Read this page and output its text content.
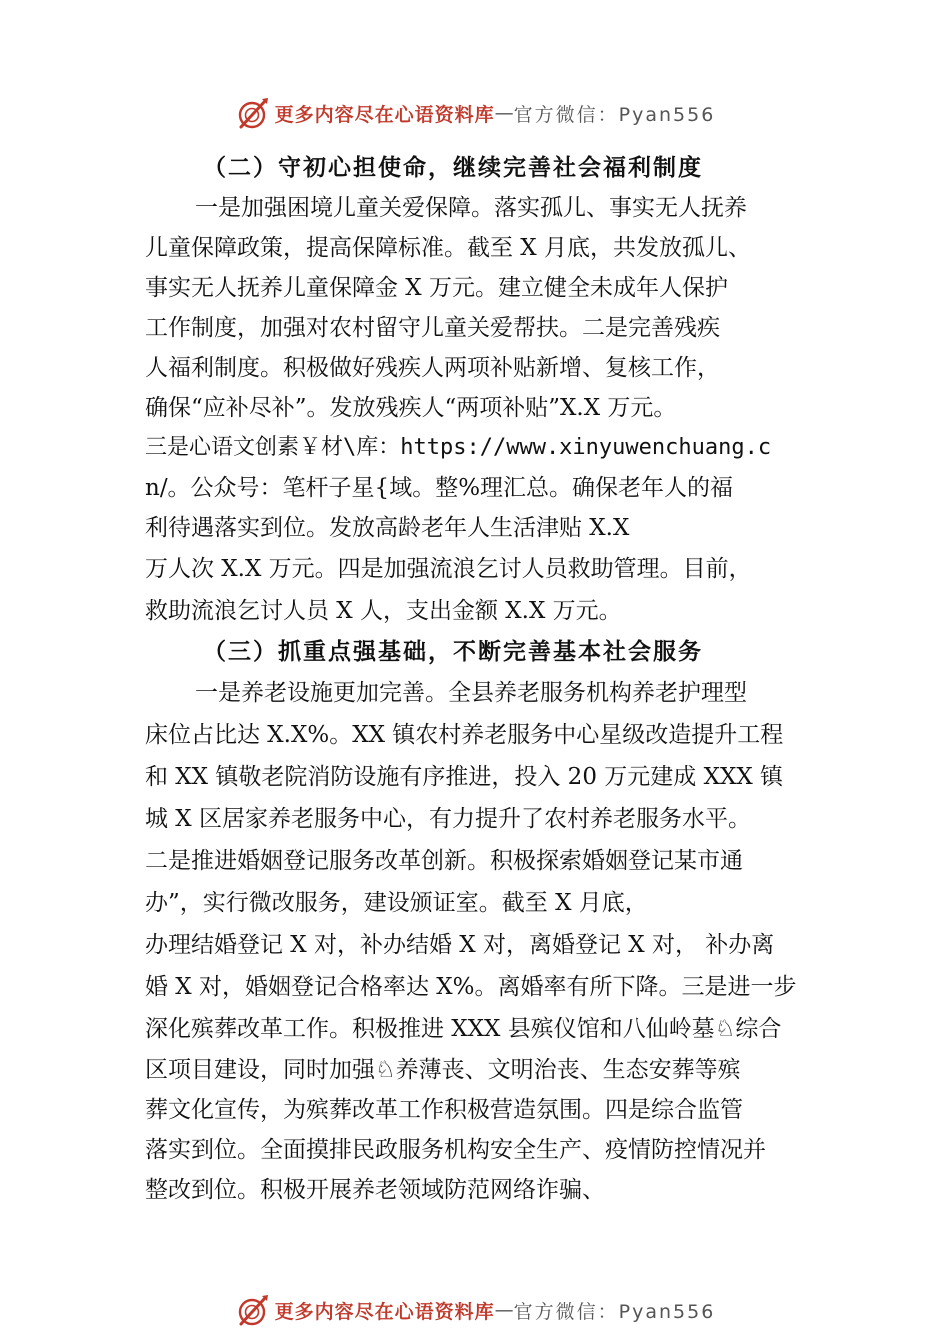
更多内容尽在心语资料库 — 官方微信：Pyan556
（二）守初心担使命，继续完善社会福利制度
一是加强困境儿童关爱保障。落实孤儿、事实无人抚养
儿童保障政策，提高保障标准。截至 X 月底，共发放孤儿、
事实无人抚养儿童保障金 X 万元。建立健全未成年人保护
工作制度，加强对农村留守儿童关爱帮扶。二是完善残疾
人福利制度。积极做好残疾人两项补贴新增、复核工作，
确保“应补尽补”。发放残疾人“两项补贴”X.X 万元。
三是心语文创素￥材\库：https://www.xinyuwenchuang.c
n/。公众号：笔杆子星{域。整%理汇总。确保老年人的福
利待遇落实到位。发放高龄老年人生活津贴 X.X
万人次 X.X 万元。四是加强流浪乞讨人员救助管理。目前，
救助流浪乞讨人员 X 人，支出金额 X.X 万元。
（三）抓重点强基础，不断完善基本社会服务
一是养老设施更加完善。全县养老服务机构养老护理型
床位占比达 X.X%。XX 镇农村养老服务中心星级改造提升工程
和 XX 镇敬老院消防设施有序推进，投入 20 万元建成 XXX 镇
城 X 区居家养老服务中心，有力提升了农村养老服务水平。
二是推进婚姻登记服务改革创新。积极探索婚姻登记某市通
办”，实行微改服务，建设颁证室。截至 X 月底，
办理结婚登记 X 对，补办结婚 X 对，离婚登记 X 对， 补办离
婚 X 对，婚姻登记合格率达 X%。离婚率有所下降。三是进一步
深化殡葬改革工作。积极推进 XXX 县殡仪馆和八仙岭墓♘综合
区项目建设，同时加强♘养薄丧、文明治丧、生态安葬等殡
葬文化宣传，为殡葬改革工作积极营造氛围。四是综合监管
落实到位。全面摸排民政服务机构安全生产、疫情防控情况并
整改到位。积极开展养老领域防范网络诈骗、
更多内容尽在心语资料库 — 官方微信：Pyan556
